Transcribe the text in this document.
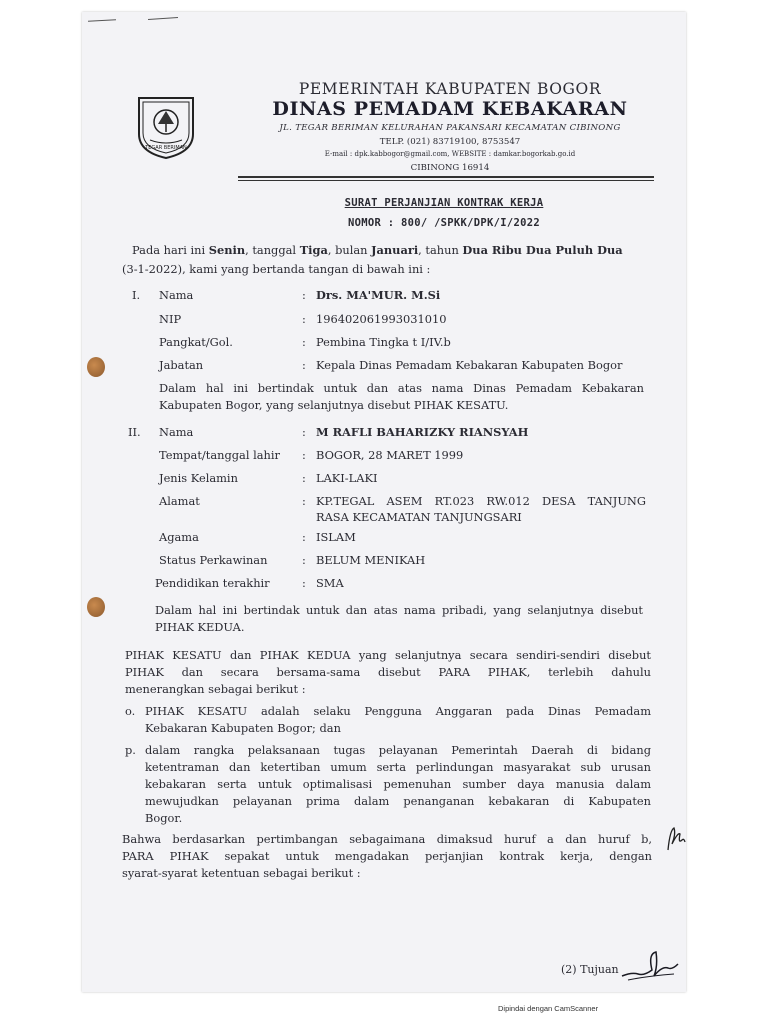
TEGAR BERIMAN
PEMERINTAH KABUPATEN BOGOR
DINAS PEMADAM KEBAKARAN
JL. TEGAR BERIMAN KELURAHAN PAKANSARI KECAMATAN CIBINONG
TELP. (021) 83719100, 8753547
E-mail : dpk.kabbogor@gmail.com, WEBSITE : damkar.bogorkab.go.id
CIBINONG 16914
SURAT PERJANJIAN KONTRAK KERJA
NOMOR : 800/ /SPKK/DPK/I/2022
Pada hari ini Senin, tanggal Tiga, bulan Januari, tahun Dua Ribu Dua Puluh Dua
(3-1-2022), kami yang bertanda tangan di bawah ini :
I. Nama	: Drs. MA'MUR. M.Si
NIP	: 196402061993031010
Pangkat/Gol.	: Pembina Tingka t I/IV.b
Jabatan	: Kepala Dinas Pemadam Kebakaran Kabupaten Bogor
Dalam hal ini bertindak untuk dan atas nama Dinas Pemadam Kebakaran
Kabupaten Bogor, yang selanjutnya disebut PIHAK KESATU.
II. Nama	: M RAFLI BAHARIZKY RIANSYAH
Tempat/tanggal lahir : BOGOR, 28 MARET 1999
Jenis Kelamin	: LAKI-LAKI
Alamat	: KP.TEGAL ASEM RT.023 RW.012 DESA TANJUNG
RASA KECAMATAN TANJUNGSARI
Agama	: ISLAM
Status Perkawinan	: BELUM MENIKAH
Pendidikan terakhir	: SMA
Dalam hal ini bertindak untuk dan atas nama pribadi, yang selanjutnya disebut
PIHAK KEDUA.
PIHAK KESATU dan PIHAK KEDUA yang selanjutnya secara sendiri-sendiri disebut
PIHAK dan secara bersama-sama disebut PARA PIHAK, terlebih dahulu
menerangkan sebagai berikut :
o. PIHAK KESATU adalah selaku Pengguna Anggaran pada Dinas Pemadam
Kebakaran Kabupaten Bogor; dan
p. dalam rangka pelaksanaan tugas pelayanan Pemerintah Daerah di bidang
ketentraman dan ketertiban umum serta perlindungan masyarakat sub urusan
kebakaran serta untuk optimalisasi pemenuhan sumber daya manusia dalam
mewujudkan pelayanan prima dalam penanganan kebakaran di Kabupaten
Bogor.
Bahwa berdasarkan pertimbangan sebagaimana dimaksud huruf a dan huruf b,
PARA PIHAK sepakat untuk mengadakan perjanjian kontrak kerja, dengan
syarat-syarat ketentuan sebagai berikut :
(2) Tujuan
Dipindai dengan CamScanner
